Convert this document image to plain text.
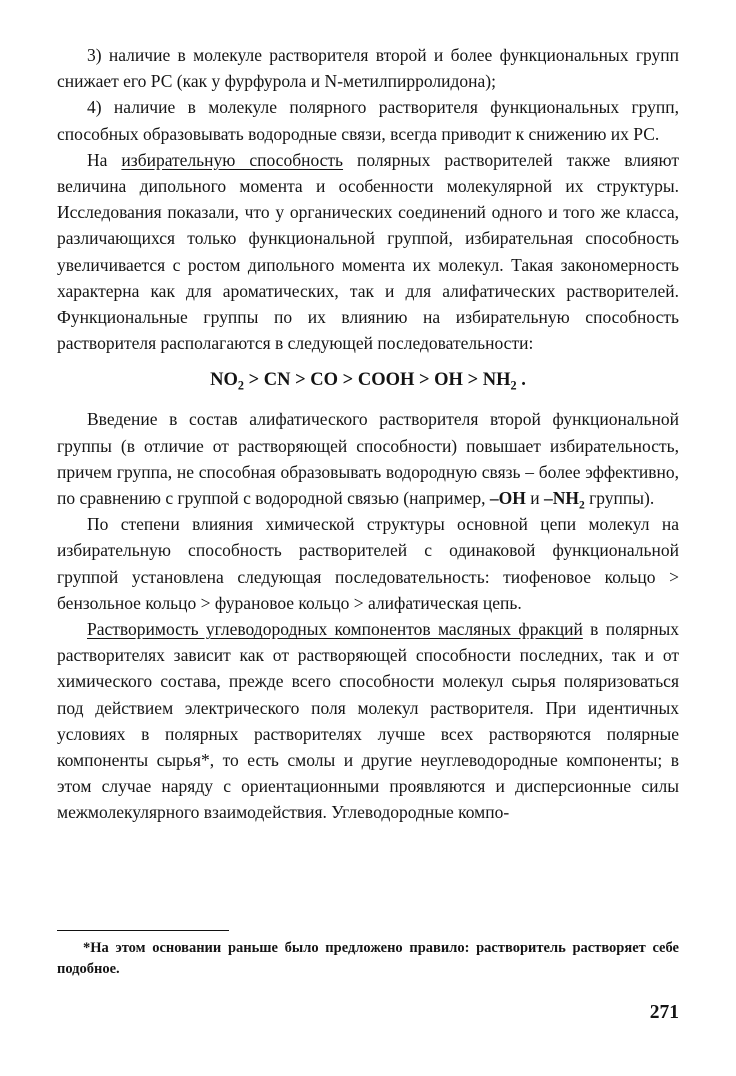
3) наличие в молекуле растворителя второй и более функциональных групп снижает его РС (как у фурфурола и N-метилпирролидона);
4) наличие в молекуле полярного растворителя функциональных групп, способных образовывать водородные связи, всегда приводит к снижению их РС.
На избирательную способность полярных растворителей также влияют величина дипольного момента и особенности молекулярной их структуры. Исследования показали, что у органических соединений одного и того же класса, различающихся только функциональной группой, избирательная способность увеличивается с ростом дипольного момента их молекул. Такая закономерность характерна как для ароматических, так и для алифатических растворителей. Функциональные группы по их влиянию на избирательную способность растворителя располагаются в следующей последовательности:
$NO_2$ > CN > CO > COOH > OH > $NH_2$ .
Введение в состав алифатического растворителя второй функциональной группы (в отличие от растворяющей способности) повышает избирательность, причем группа, не способная образовывать водородную связь – более эффективно, по сравнению с группой с водородной связью (например, –OH и $-NH_2$ группы).
По степени влияния химической структуры основной цепи молекул на избирательную способность растворителей с одинаковой функциональной группой установлена следующая последовательность: тиофеновое кольцо > бензольное кольцо > фурановое кольцо > алифатическая цепь.
Растворимость углеводородных компонентов масляных фракций в полярных растворителях зависит как от растворяющей способности последних, так и от химического состава, прежде всего способности молекул сырья поляризоваться под действием электрического поля молекул растворителя. При идентичных условиях в полярных растворителях лучше всех растворяются полярные компоненты сырья*, то есть смолы и другие неуглеводородные компоненты; в этом случае наряду с ориентационными проявляются и дисперсионные силы межмолекулярного взаимодействия. Углеводородные компо-
*На этом основании раньше было предложено правило: растворитель растворяет себе подобное.
271
